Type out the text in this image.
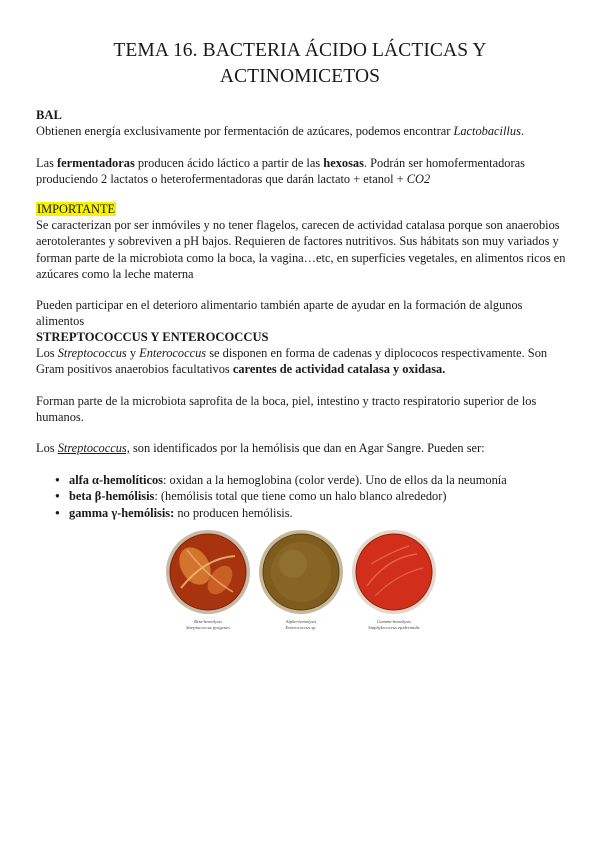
TEMA 16. BACTERIA ÁCIDO LÁCTICAS Y
ACTINOMICETOS
BAL
Obtienen energía exclusivamente por fermentación de azúcares, podemos encontrar Lactobacillus.
Las fermentadoras producen ácido láctico a partir de las hexosas. Podrán ser homofermentadoras
produciendo 2 lactatos o heterofermentadoras que darán lactato + etanol + CO2
IMPORTANTE
Se caracterizan por ser inmóviles y no tener flagelos, carecen de actividad catalasa porque son anaerobios aerotolerantes y sobreviven a pH bajos. Requieren de factores nutritivos. Sus hábitats son muy variados y forman parte de la microbiota como la boca, la vagina…etc, en superficies vegetales, en alimentos ricos en azúcares como la leche materna
Pueden participar en el deterioro alimentario también aparte de ayudar en la formación de algunos alimentos
STREPTOCOCCUS Y ENTEROCOCCUS
Los Streptococcus y Enterococcus se disponen en forma de cadenas y diplococos respectivamente. Son Gram positivos anaerobios facultativos carentes de actividad catalasa y oxidasa.
Forman parte de la microbiota saprofita de la boca, piel, intestino y tracto respiratorio superior de los humanos.
Los Streptococcus, son identificados por la hemólisis que dan en Agar Sangre. Pueden ser:
● alfa α-hemolíticos: oxidan a la hemoglobina (color verde). Uno de ellos da la neumonía
● beta β-hemólisis: (hemólisis total que tiene como un halo blanco alrededor)
● gamma γ-hemólisis: no producen hemólisis.
Beta-hemolysis
Streptococcus pyogenes
Alpha-hemolysis
Enterococcus sp.
Gamma-hemolysis
Staphylococcus epidermidis
